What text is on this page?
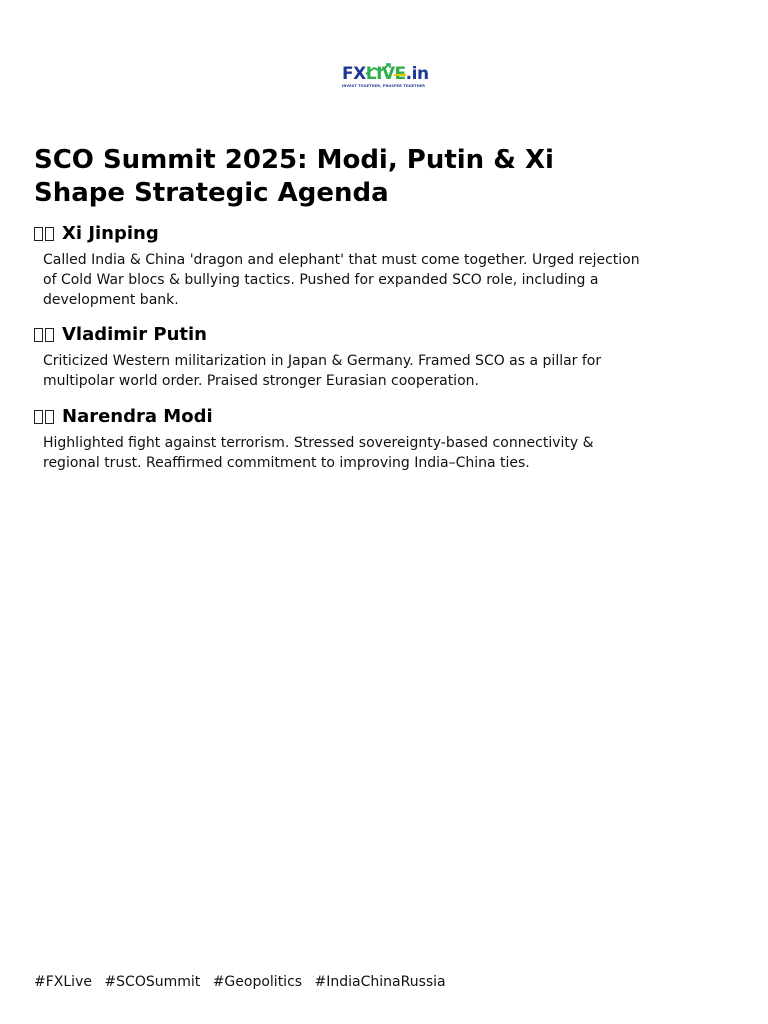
FXLIVE.in
INVEST TOGETHER, PROSPER TOGETHER
SCO Summit 2025: Modi, Putin & Xi Shape Strategic Agenda
Xi Jinping
Called India & China 'dragon and elephant' that must come together. Urged rejection of Cold War blocs & bullying tactics. Pushed for expanded SCO role, including a development bank.
Vladimir Putin
Criticized Western militarization in Japan & Germany. Framed SCO as a pillar for multipolar world order. Praised stronger Eurasian cooperation.
Narendra Modi
Highlighted fight against terrorism. Stressed sovereignty-based connectivity & regional trust. Reaffirmed commitment to improving India–China ties.
#FXLive #SCOSummit #Geopolitics #IndiaChinaRussia
